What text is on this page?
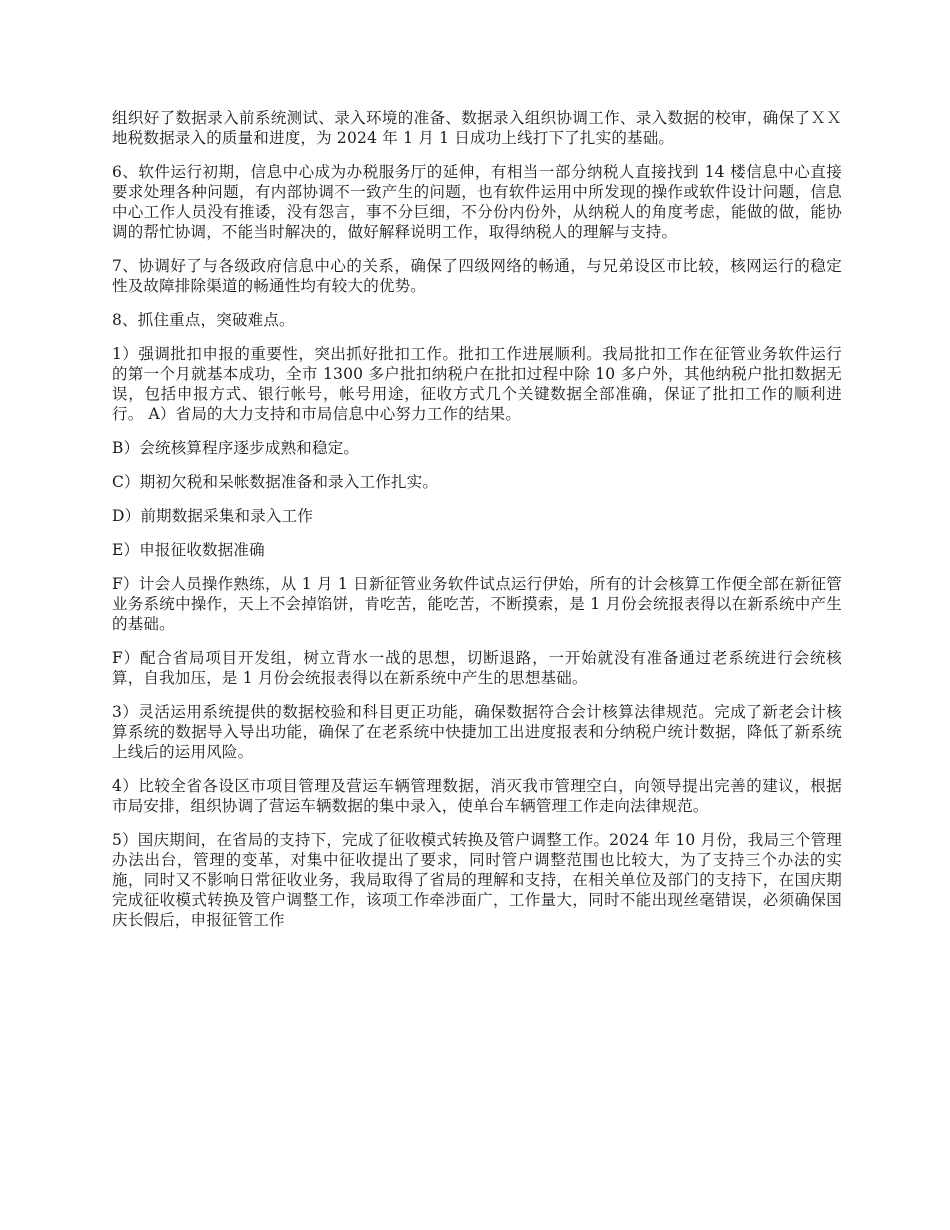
组织好了数据录入前系统测试、录入环境的准备、数据录入组织协调工作、录入数据的校审，确保了ＸＸ地税数据录入的质量和进度，为 2024 年 1 月 1 日成功上线打下了扎实的基础。

6、软件运行初期，信息中心成为办税服务厅的延伸，有相当一部分纳税人直接找到 14 楼信息中心直接要求处理各种问题，有内部协调不一致产生的问题，也有软件运用中所发现的操作或软件设计问题，信息中心工作人员没有推诿，没有怨言，事不分巨细，不分份内份外，从纳税人的角度考虑，能做的做，能协调的帮忙协调，不能当时解决的，做好解释说明工作，取得纳税人的理解与支持。

7、协调好了与各级政府信息中心的关系，确保了四级网络的畅通，与兄弟设区市比较，核网运行的稳定性及故障排除渠道的畅通性均有较大的优势。

8、抓住重点，突破难点。

1）强调批扣申报的重要性，突出抓好批扣工作。批扣工作进展顺利。我局批扣工作在征管业务软件运行的第一个月就基本成功，全市 1300 多户批扣纳税户在批扣过程中除 10 多户外，其他纳税户批扣数据无误，包括申报方式、银行帐号，帐号用途，征收方式几个关键数据全部准确，保证了批扣工作的顺利进行。 A）省局的大力支持和市局信息中心努力工作的结果。

B）会统核算程序逐步成熟和稳定。

C）期初欠税和呆帐数据准备和录入工作扎实。

D）前期数据采集和录入工作

E）申报征收数据准确

F）计会人员操作熟练，从 1 月 1 日新征管业务软件试点运行伊始，所有的计会核算工作便全部在新征管业务系统中操作，天上不会掉馅饼，肯吃苦，能吃苦，不断摸索，是 1 月份会统报表得以在新系统中产生的基础。

F）配合省局项目开发组，树立背水一战的思想，切断退路，一开始就没有准备通过老系统进行会统核算，自我加压，是 1 月份会统报表得以在新系统中产生的思想基础。

3）灵活运用系统提供的数据校验和科目更正功能，确保数据符合会计核算法律规范。完成了新老会计核算系统的数据导入导出功能，确保了在老系统中快捷加工出进度报表和分纳税户统计数据，降低了新系统上线后的运用风险。

4）比较全省各设区市项目管理及营运车辆管理数据，消灭我市管理空白，向领导提出完善的建议，根据市局安排，组织协调了营运车辆数据的集中录入，使单台车辆管理工作走向法律规范。

5）国庆期间，在省局的支持下，完成了征收模式转换及管户调整工作。2024 年 10 月份，我局三个管理办法出台，管理的变革，对集中征收提出了要求，同时管户调整范围也比较大，为了支持三个办法的实施，同时又不影响日常征收业务，我局取得了省局的理解和支持，在相关单位及部门的支持下，在国庆期完成征收模式转换及管户调整工作，该项工作牵涉面广，工作量大，同时不能出现丝毫错误，必须确保国庆长假后，申报征管工作
